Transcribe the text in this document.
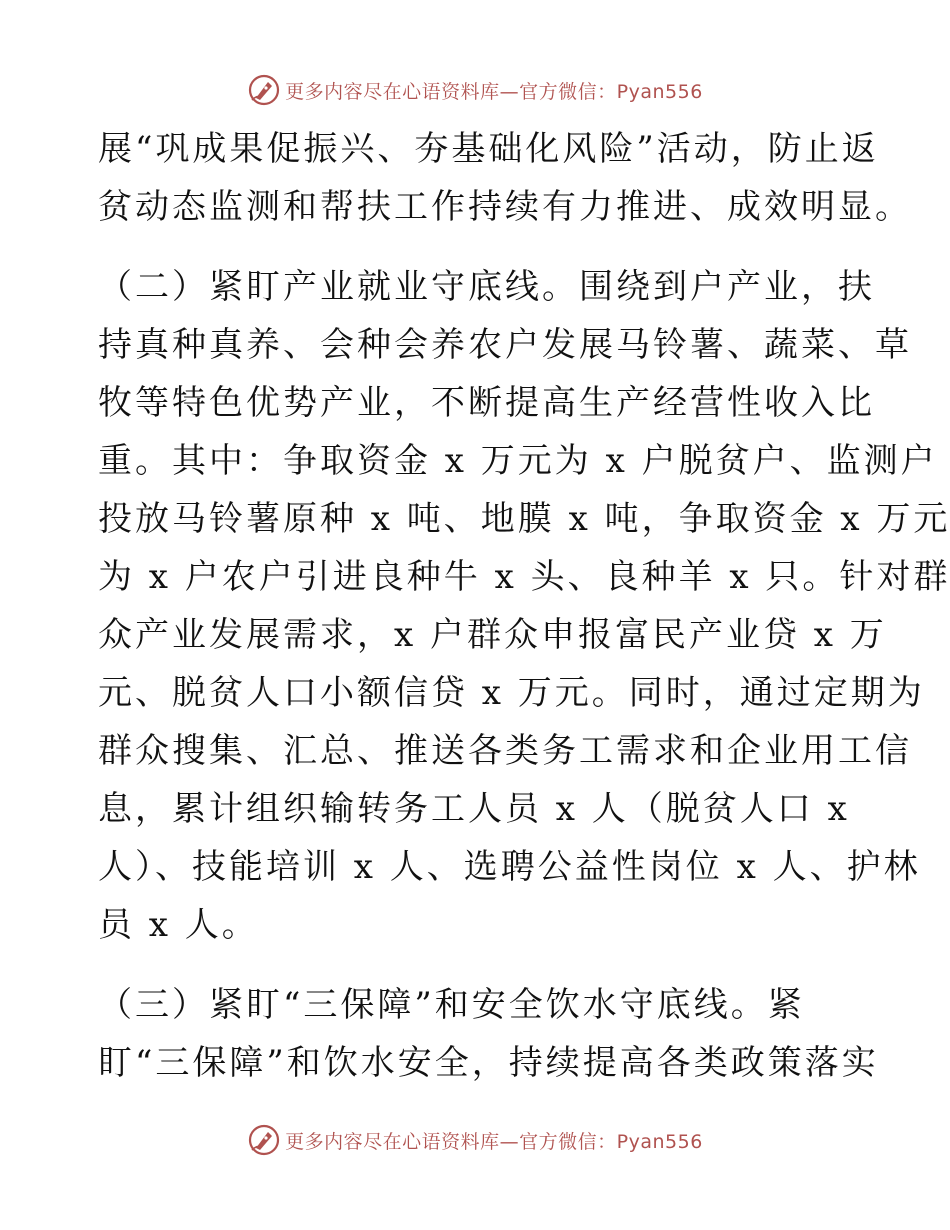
更多内容尽在心语资料库—官方微信：Pyan556
展“巩成果促振兴、夯基础化风险”活动，防止返
贫动态监测和帮扶工作持续有力推进、成效明显。
（二）紧盯产业就业守底线。围绕到户产业，扶
持真种真养、会种会养农户发展马铃薯、蔬菜、草
牧等特色优势产业，不断提高生产经营性收入比
重。其中：争取资金 x 万元为 x 户脱贫户、监测户
投放马铃薯原种 x 吨、地膜 x 吨，争取资金 x 万元
为 x 户农户引进良种牛 x 头、良种羊 x 只。针对群
众产业发展需求，x 户群众申报富民产业贷 x 万
元、脱贫人口小额信贷 x 万元。同时，通过定期为
群众搜集、汇总、推送各类务工需求和企业用工信
息，累计组织输转务工人员 x 人（脱贫人口 x
人）、技能培训 x 人、选聘公益性岗位 x 人、护林
员 x 人。
（三）紧盯“三保障”和安全饮水守底线。紧
盯“三保障”和饮水安全，持续提高各类政策落实
更多内容尽在心语资料库—官方微信：Pyan556
